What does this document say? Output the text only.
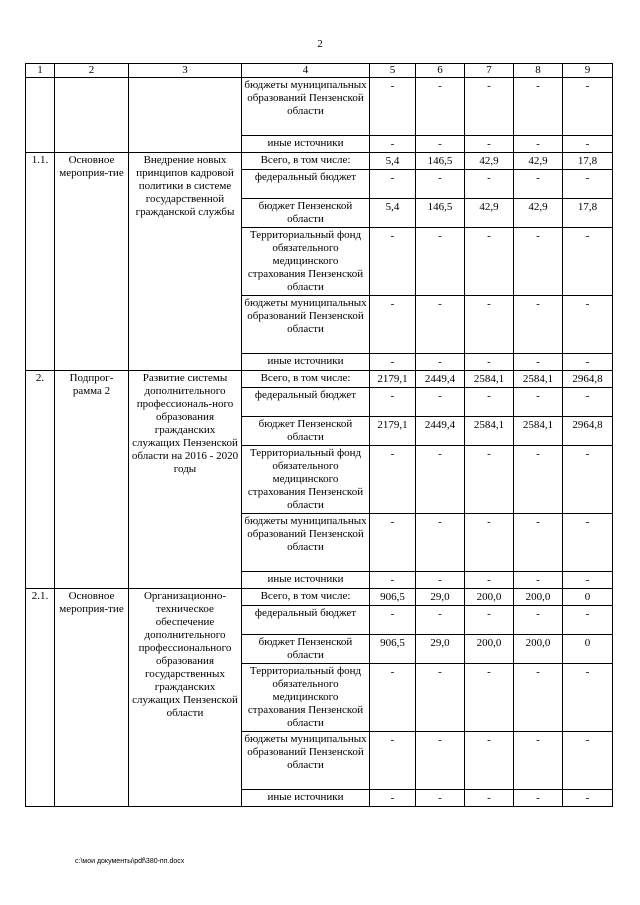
2
1	2	3	4	5	6	7	8	9
			бюджеты муниципальных образований Пензенской области	-	-	-	-	-
			иные источники	-	-	-	-	-
1.1.	Основное мероприя-тие	Внедрение новых принципов кадровой политики в системе государственной гражданской службы	Всего, в том числе:	5,4	146,5	42,9	42,9	17,8
			федеральный бюджет	-	-	-	-	-
			бюджет Пензенской области	5,4	146,5	42,9	42,9	17,8
			Территориальный фонд обязательного медицинского страхования Пензенской области	-	-	-	-	-
			бюджеты муниципальных образований Пензенской области	-	-	-	-	-
			иные источники	-	-	-	-	-
2.	Подпрог-рамма 2	Развитие системы дополнительного профессиональ-ного образования гражданских служащих Пензенской области на 2016 - 2020 годы	Всего, в том числе:	2179,1	2449,4	2584,1	2584,1	2964,8
			федеральный бюджет	-	-	-	-	-
			бюджет Пензенской области	2179,1	2449,4	2584,1	2584,1	2964,8
			Территориальный фонд обязательного медицинского страхования Пензенской области	-	-	-	-	-
			бюджеты муниципальных образований Пензенской области	-	-	-	-	-
			иные источники	-	-	-	-	-
2.1.	Основное мероприя-тие	Организационно-техническое обеспечение дополнительного профессионального образования государственных гражданских служащих Пензенской области	Всего, в том числе:	906,5	29,0	200,0	200,0	0
			федеральный бюджет	-	-	-	-	-
			бюджет Пензенской области	906,5	29,0	200,0	200,0	0
			Территориальный фонд обязательного медицинского страхования Пензенской области	-	-	-	-	-
			бюджеты муниципальных образований Пензенской области	-	-	-	-	-
			иные источники	-	-	-	-	-
c:\мои документы\pdf\380-пп.docx
